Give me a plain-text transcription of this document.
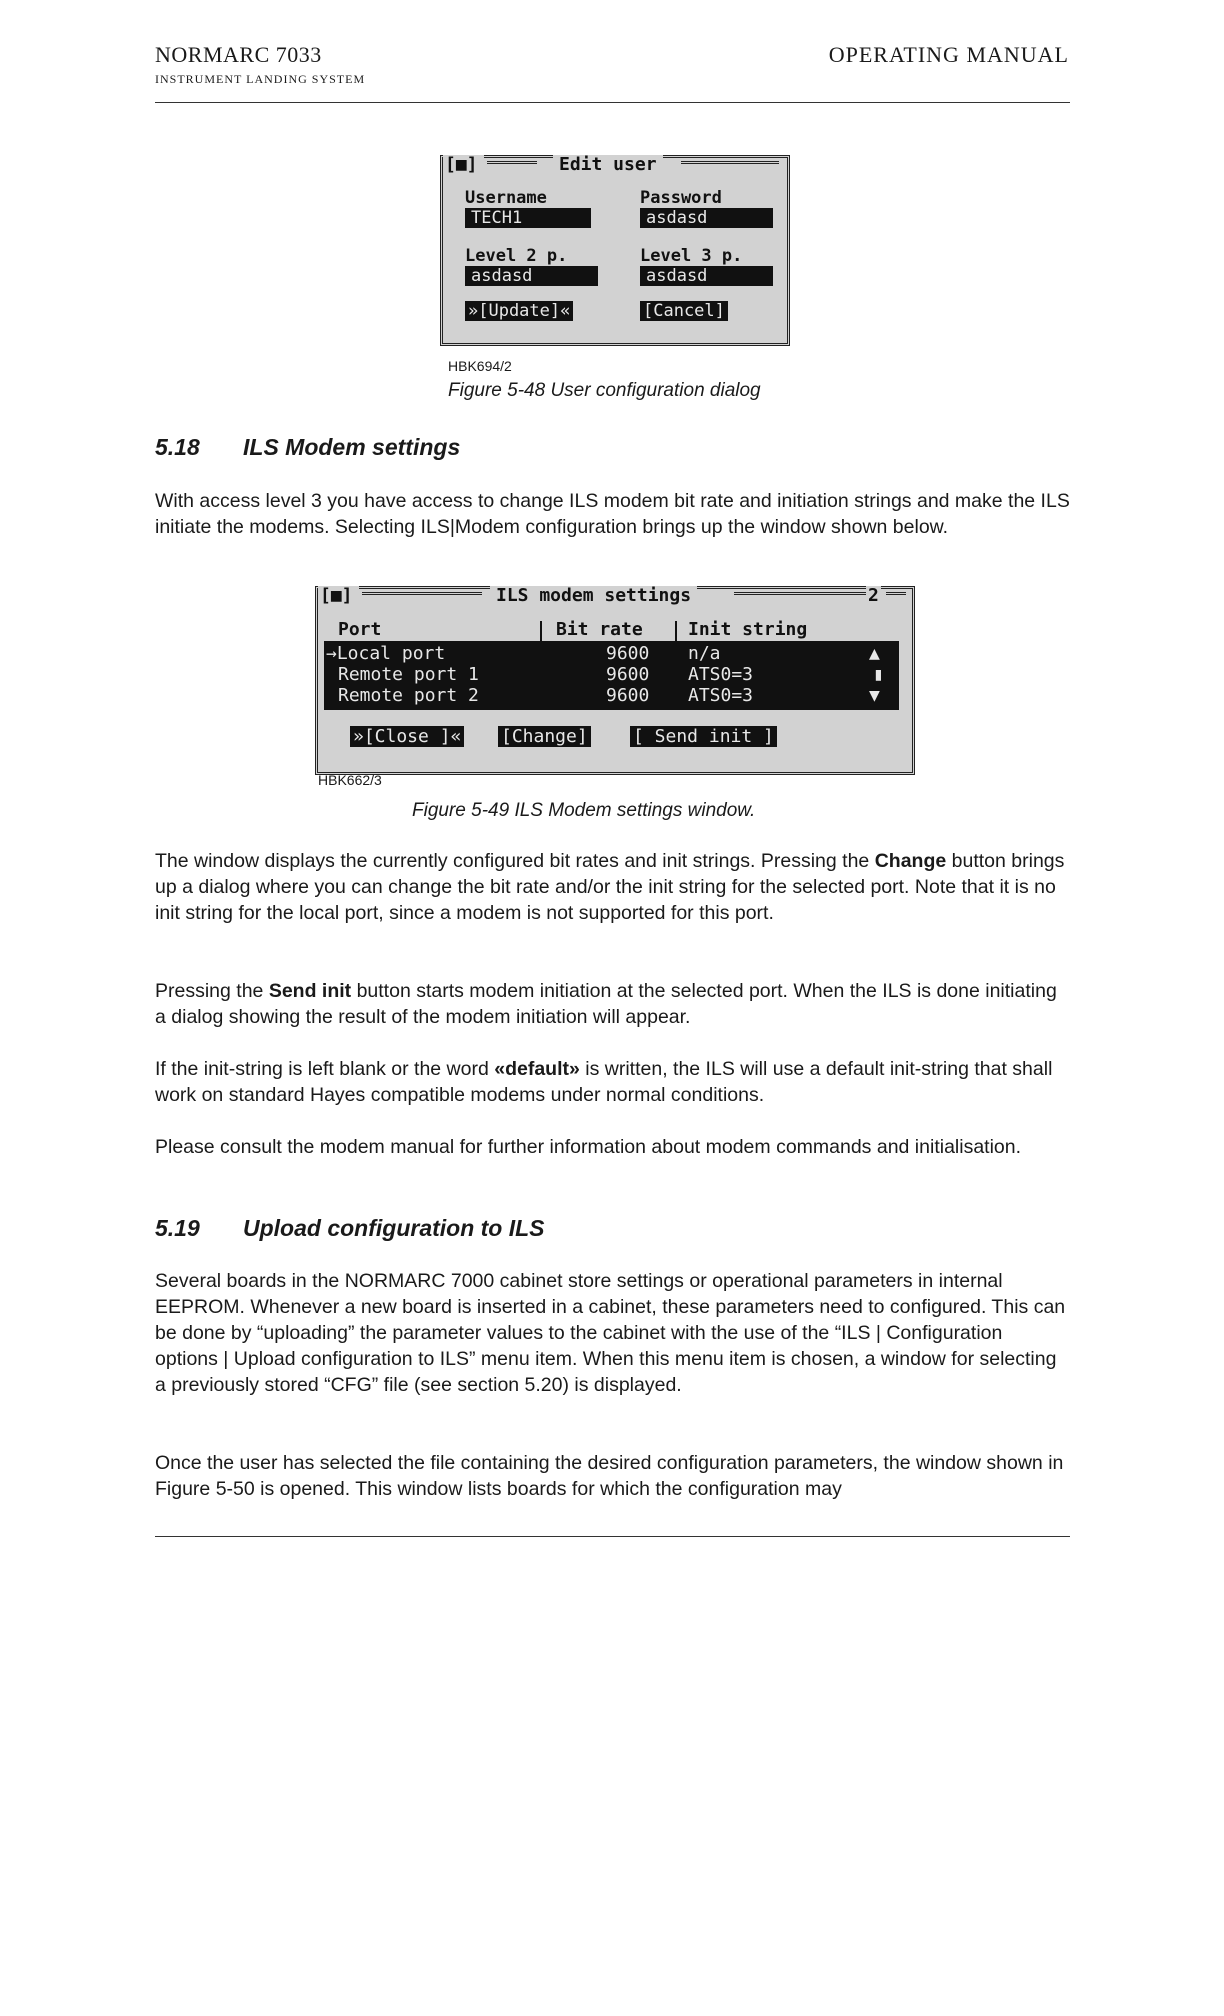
NORMARC 7033
INSTRUMENT LANDING SYSTEM
OPERATING MANUAL
[■]	Edit user
Username
TECH1
Password
asdasd
Level 2 p.
asdasd
Level 3 p.
asdasd
»[Update]«	[Cancel]
HBK694/2
Figure 5-48 User configuration dialog
5.18 ILS Modem settings

With access level 3 you have access to change ILS modem bit rate and initiation strings and make the ILS initiate the modems. Selecting ILS|Modem configuration brings up the window shown below.

[■]	ILS modem settings	2
Port	Bit rate	Init string
→Local port	9600 n/a	▲
Remote port 1	9600 ATS0=3	▮
Remote port 2	9600 ATS0=3	▼
»[Close ]« [Change]	[ Send init ]
HBK662/3
Figure 5-49 ILS Modem settings window.

The window displays the currently configured bit rates and init strings. Pressing the Change button brings up a dialog where you can change the bit rate and/or the init string for the selected port. Note that it is no init string for the local port, since a modem is not supported for this port.

Pressing the Send init button starts modem initiation at the selected port. When the ILS is done initiating a dialog showing the result of the modem initiation will appear.

If the init-string is left blank or the word «default» is written, the ILS will use a default init-string that shall work on standard Hayes compatible modems under normal conditions.

Please consult the modem manual for further information about modem commands and initialisation.

5.19 Upload configuration to ILS

Several boards in the NORMARC 7000 cabinet store settings or operational parameters in internal EEPROM. Whenever a new board is inserted in a cabinet, these parameters need to configured. This can be done by “uploading” the parameter values to the cabinet with the use of the “ILS | Configuration options | Upload configuration to ILS” menu item. When this menu item is chosen, a window for selecting a previously stored “CFG” file (see section 5.20) is displayed.

Once the user has selected the file containing the desired configuration parameters, the window shown in Figure 5-50 is opened. This window lists boards for which the configuration may
